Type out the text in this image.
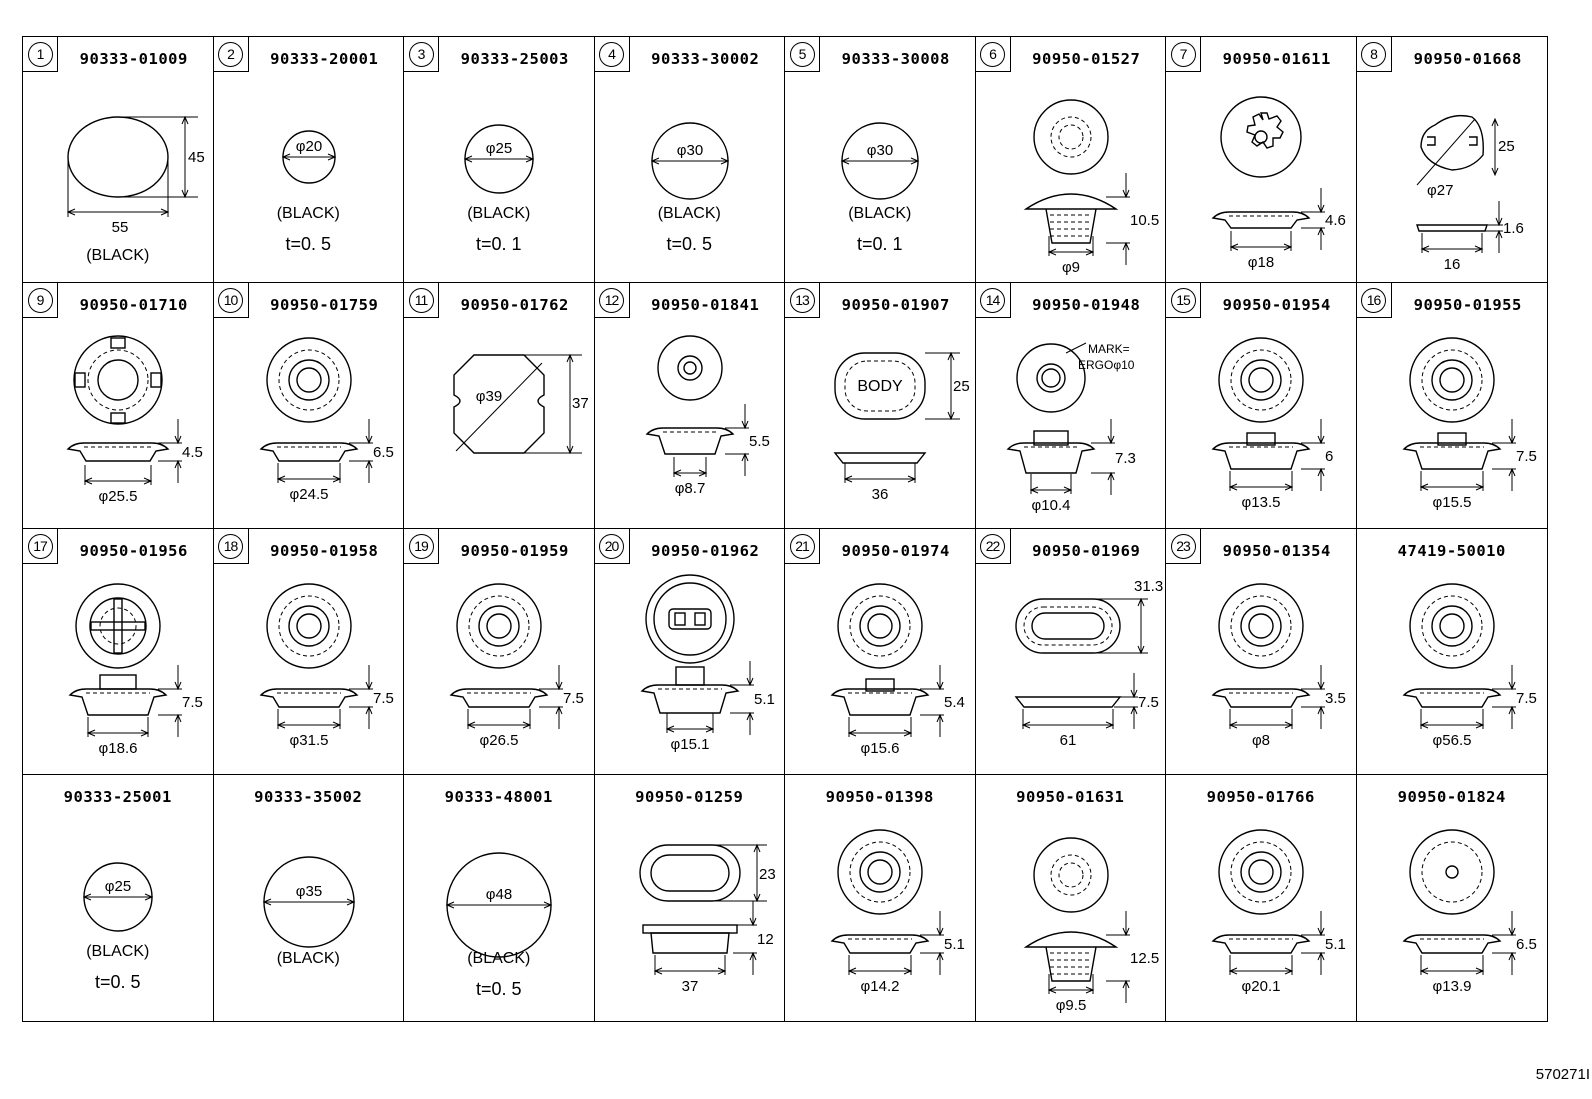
1	90333-01009
45
55
(BLACK)
2	90333-20001
φ20
(BLACK)
t=0. 5
3	90333-25003
φ25
(BLACK)
t=0. 1
4	90333-30002
φ30
(BLACK)
t=0. 5
5	90333-30008
φ30
(BLACK)
t=0. 1
6	90950-01527
10.5
φ9
7	90950-01611
4.6
φ18
8	90950-01668
25
φ27
1.6
16
9	90950-01710
4.5
φ25.5
10	90950-01759
6.5
φ24.5
11	90950-01762
φ39	37
12	90950-01841
5.5
φ8.7
13	90950-01907
BODY	25
36
14	90950-01948
MARK=
ERGOφ10
7.3
φ10.4
15	90950-01954
6
φ13.5
16	90950-01955
7.5
φ15.5
17	90950-01956
7.5
φ18.6
18	90950-01958
7.5
φ31.5
19	90950-01959
7.5
φ26.5
20	90950-01962
5.1
φ15.1
21	90950-01974
5.4
φ15.6
22	90950-01969
31.3
7.5
61
23	90950-01354
3.5
φ8
47419-50010
7.5
φ56.5
90333-25001
φ25
(BLACK)
t=0. 5
90333-35002
φ35
(BLACK)
90333-48001
φ48
(BLACK)
t=0. 5
90950-01259
23
12
37
90950-01398
5.1
φ14.2
90950-01631
12.5
φ9.5
90950-01766
5.1
φ20.1
90950-01824
6.5
φ13.9
570271I
